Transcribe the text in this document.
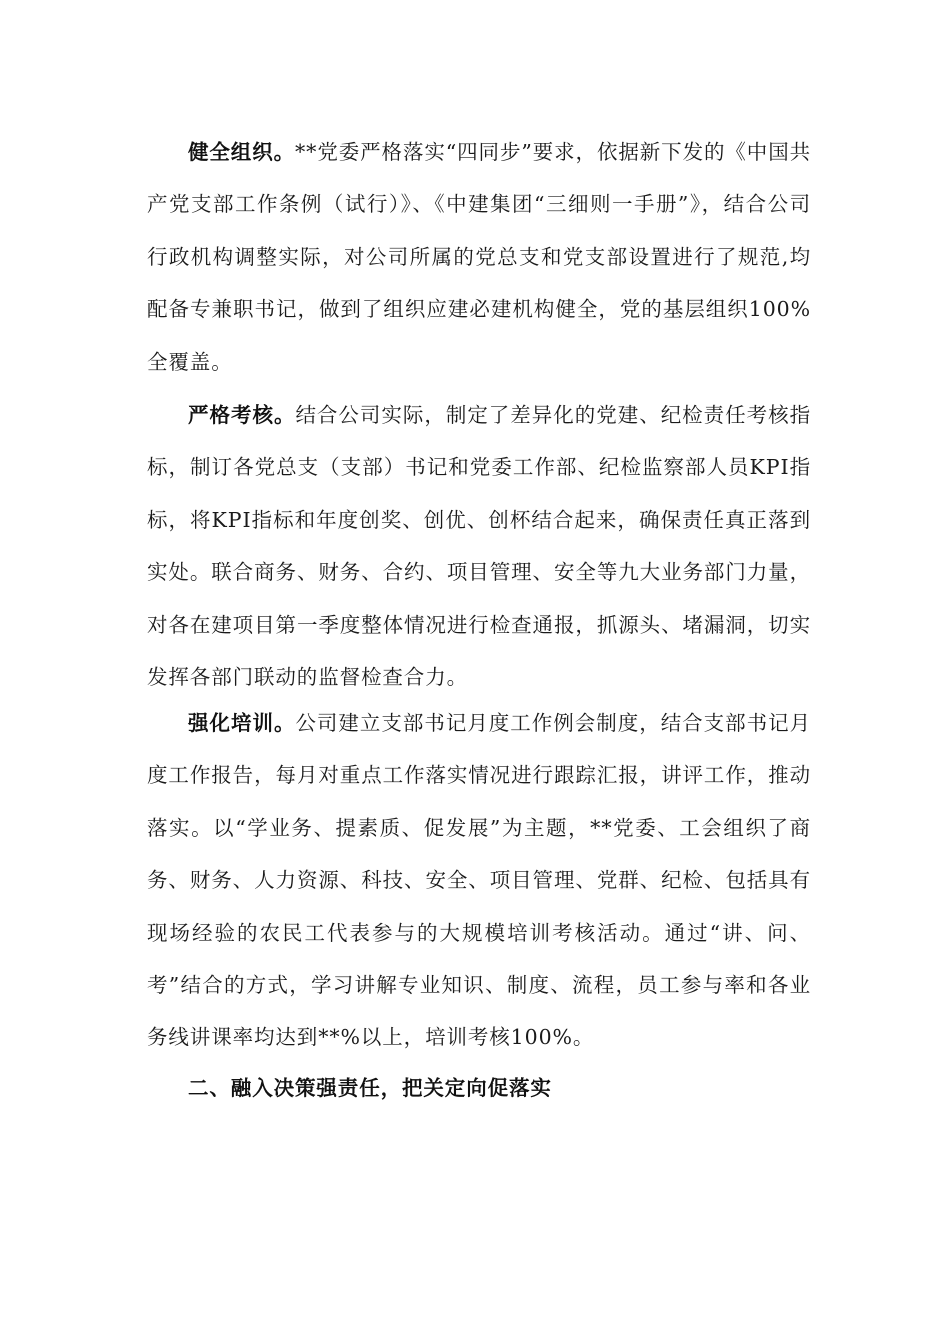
健全组织。**党委严格落实“四同步”要求，依据新下发的《中国共产党支部工作条例（试行）》、《中建集团“三细则一手册”》，结合公司行政机构调整实际，对公司所属的党总支和党支部设置进行了规范,均配备专兼职书记，做到了组织应建必建机构健全，党的基层组织100%全覆盖。

严格考核。结合公司实际，制定了差异化的党建、纪检责任考核指标，制订各党总支（支部）书记和党委工作部、纪检监察部人员KPI指标，将KPI指标和年度创奖、创优、创杯结合起来，确保责任真正落到实处。联合商务、财务、合约、项目管理、安全等九大业务部门力量，对各在建项目第一季度整体情况进行检查通报，抓源头、堵漏洞，切实发挥各部门联动的监督检查合力。

强化培训。公司建立支部书记月度工作例会制度，结合支部书记月度工作报告，每月对重点工作落实情况进行跟踪汇报，讲评工作，推动落实。以“学业务、提素质、促发展”为主题，**党委、工会组织了商务、财务、人力资源、科技、安全、项目管理、党群、纪检、包括具有现场经验的农民工代表参与的大规模培训考核活动。通过“讲、问、考”结合的方式，学习讲解专业知识、制度、流程，员工参与率和各业务线讲课率均达到**%以上，培训考核100%。

二、融入决策强责任，把关定向促落实
